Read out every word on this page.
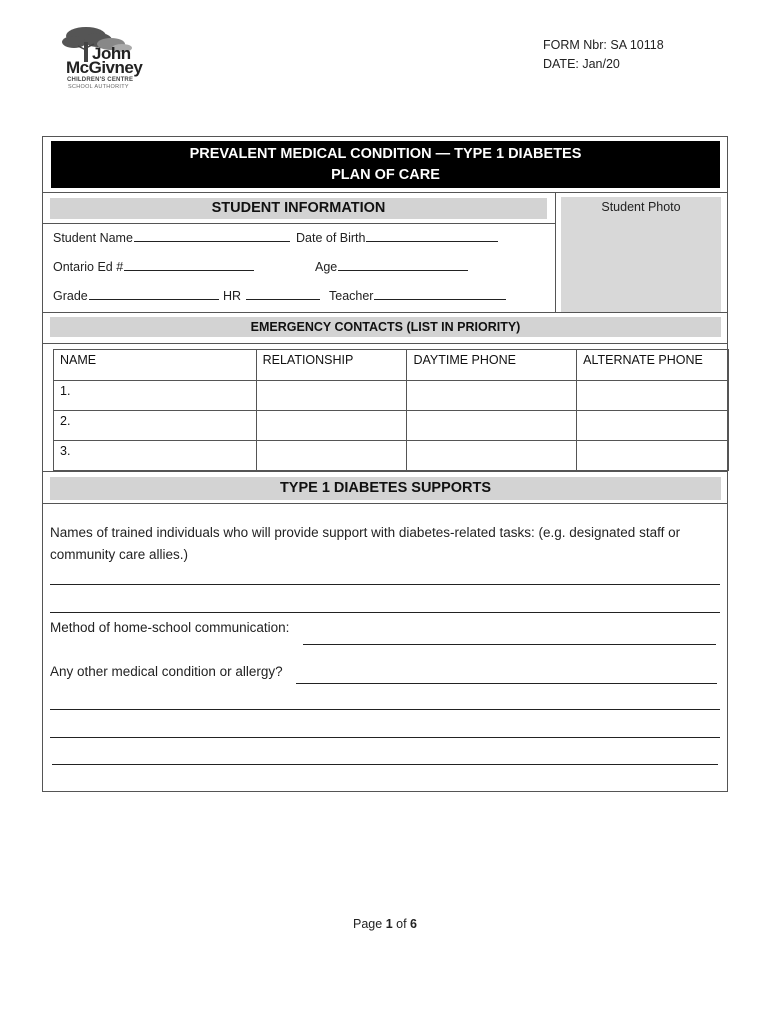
John
McGivney
CHILDREN'S CENTRE
SCHOOL AUTHORITY
FORM Nbr: SA 10118
DATE: Jan/20
PREVALENT MEDICAL CONDITION — TYPE 1 DIABETES
PLAN OF CARE
STUDENT INFORMATION	Student Photo
Student Name	Date of Birth
Ontario Ed #	Age
Grade	HR	Teacher
EMERGENCY CONTACTS (LIST IN PRIORITY)
NAME	RELATIONSHIP	DAYTIME PHONE	ALTERNATE PHONE
1.			
2.			
3.			
TYPE 1 DIABETES SUPPORTS
Names of trained individuals who will provide support with diabetes-related tasks: (e.g. designated staff or community care allies.)
Method of home-school communication:
Any other medical condition or allergy?
Page 1 of 6
